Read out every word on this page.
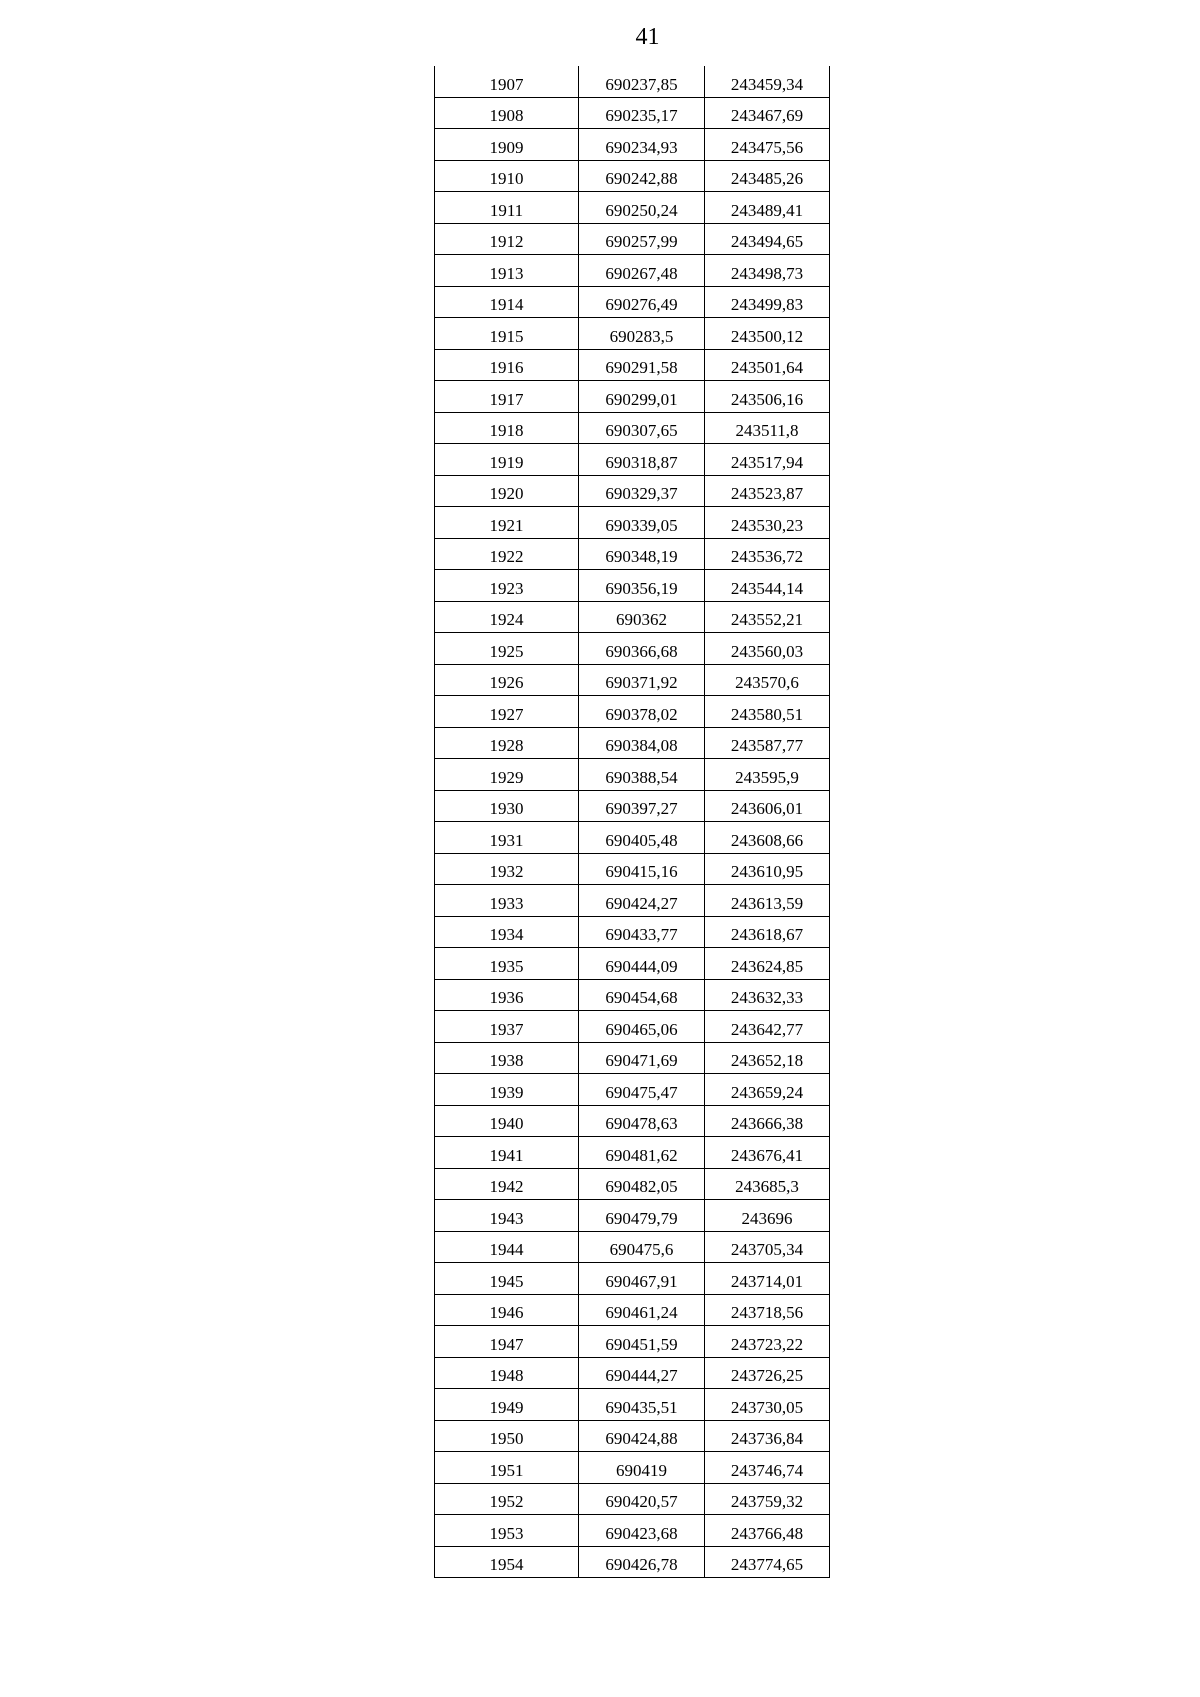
41
1907	690237,85	243459,34
1908	690235,17	243467,69
1909	690234,93	243475,56
1910	690242,88	243485,26
1911	690250,24	243489,41
1912	690257,99	243494,65
1913	690267,48	243498,73
1914	690276,49	243499,83
1915	690283,5	243500,12
1916	690291,58	243501,64
1917	690299,01	243506,16
1918	690307,65	243511,8
1919	690318,87	243517,94
1920	690329,37	243523,87
1921	690339,05	243530,23
1922	690348,19	243536,72
1923	690356,19	243544,14
1924	690362	243552,21
1925	690366,68	243560,03
1926	690371,92	243570,6
1927	690378,02	243580,51
1928	690384,08	243587,77
1929	690388,54	243595,9
1930	690397,27	243606,01
1931	690405,48	243608,66
1932	690415,16	243610,95
1933	690424,27	243613,59
1934	690433,77	243618,67
1935	690444,09	243624,85
1936	690454,68	243632,33
1937	690465,06	243642,77
1938	690471,69	243652,18
1939	690475,47	243659,24
1940	690478,63	243666,38
1941	690481,62	243676,41
1942	690482,05	243685,3
1943	690479,79	243696
1944	690475,6	243705,34
1945	690467,91	243714,01
1946	690461,24	243718,56
1947	690451,59	243723,22
1948	690444,27	243726,25
1949	690435,51	243730,05
1950	690424,88	243736,84
1951	690419	243746,74
1952	690420,57	243759,32
1953	690423,68	243766,48
1954	690426,78	243774,65
